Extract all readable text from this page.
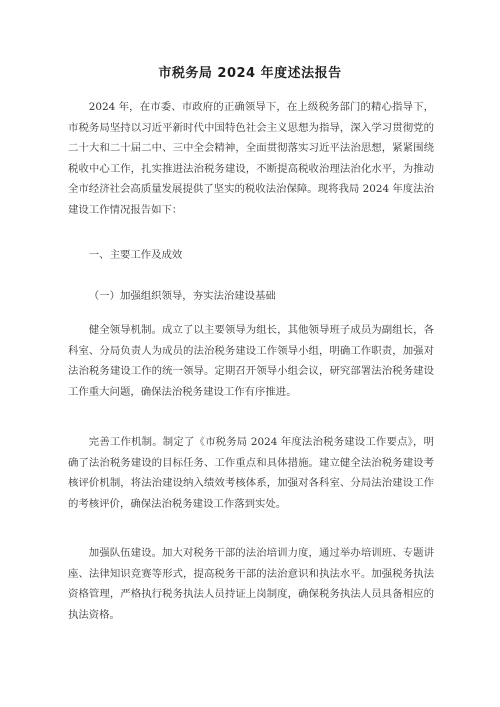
市税务局 2024 年度述法报告

2024 年，在市委、市政府的正确领导下，在上级税务部门的精心指导下，市税务局坚持以习近平新时代中国特色社会主义思想为指导，深入学习贯彻党的二十大和二十届二中、三中全会精神，全面贯彻落实习近平法治思想，紧紧围绕税收中心工作，扎实推进法治税务建设，不断提高税收治理法治化水平，为推动全市经济社会高质量发展提供了坚实的税收法治保障。现将我局 2024 年度法治建设工作情况报告如下：

一、主要工作及成效

（一）加强组织领导，夯实法治建设基础

健全领导机制。成立了以主要领导为组长，其他领导班子成员为副组长，各科室、分局负责人为成员的法治税务建设工作领导小组，明确工作职责，加强对法治税务建设工作的统一领导。定期召开领导小组会议，研究部署法治税务建设工作重大问题，确保法治税务建设工作有序推进。

完善工作机制。制定了《市税务局 2024 年度法治税务建设工作要点》，明确了法治税务建设的目标任务、工作重点和具体措施。建立健全法治税务建设考核评价机制，将法治建设纳入绩效考核体系，加强对各科室、分局法治建设工作的考核评价，确保法治税务建设工作落到实处。

加强队伍建设。加大对税务干部的法治培训力度，通过举办培训班、专题讲座、法律知识竞赛等形式，提高税务干部的法治意识和执法水平。加强税务执法资格管理，严格执行税务执法人员持证上岗制度，确保税务执法人员具备相应的执法资格。
